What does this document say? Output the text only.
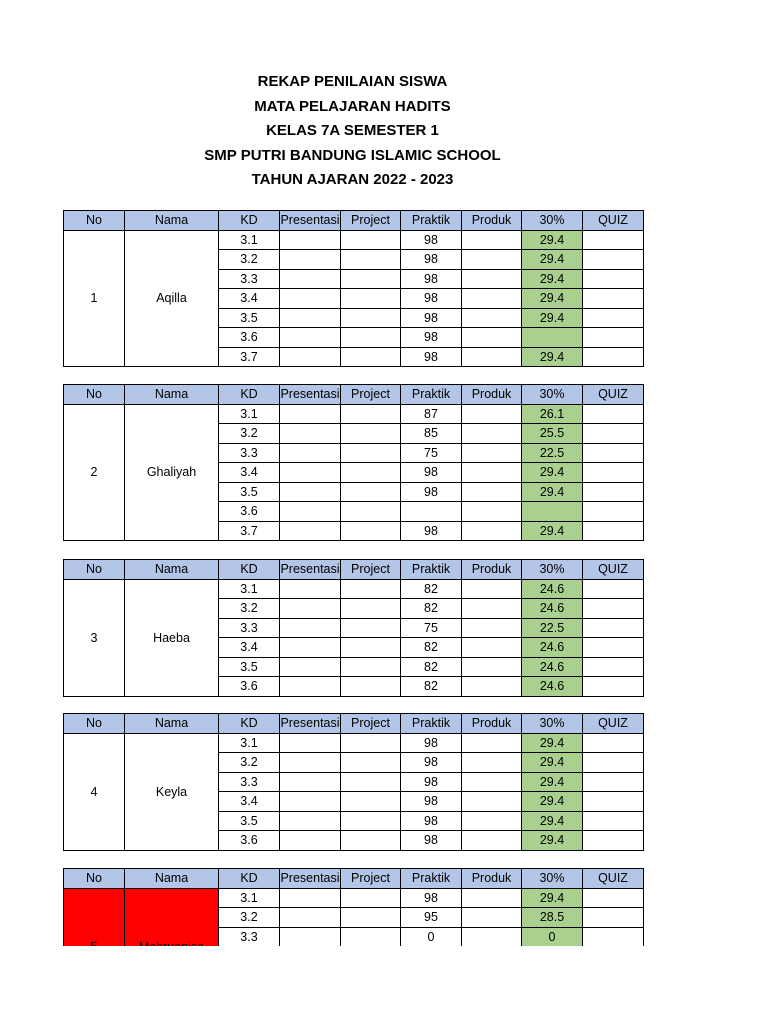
REKAP PENILAIAN SISWA
MATA PELAJARAN HADITS
KELAS 7A SEMESTER 1
SMP PUTRI BANDUNG ISLAMIC SCHOOL
TAHUN AJARAN 2022 - 2023
No	Nama	KD	Presentasi	Project	Praktik	Produk	30%	QUIZ
1	Aqilla	3.1			98		29.4	
		3.2			98		29.4	
		3.3			98		29.4	
		3.4			98		29.4	
		3.5			98		29.4	
		3.6			98			
		3.7			98		29.4	
No	Nama	KD	Presentasi	Project	Praktik	Produk	30%	QUIZ
2	Ghaliyah	3.1			87		26.1	
		3.2			85		25.5	
		3.3			75		22.5	
		3.4			98		29.4	
		3.5			98		29.4	
		3.6						
		3.7			98		29.4	
No	Nama	KD	Presentasi	Project	Praktik	Produk	30%	QUIZ
3	Haeba	3.1			82		24.6	
		3.2			82		24.6	
		3.3			75		22.5	
		3.4			82		24.6	
		3.5			82		24.6	
		3.6			82		24.6	
No	Nama	KD	Presentasi	Project	Praktik	Produk	30%	QUIZ
4	Keyla	3.1			98		29.4	
		3.2			98		29.4	
		3.3			98		29.4	
		3.4			98		29.4	
		3.5			98		29.4	
		3.6			98		29.4	
No	Nama	KD	Presentasi	Project	Praktik	Produk	30%	QUIZ
		3.1			98		29.4	
		3.2			95		28.5	
		3.3			0		0	
